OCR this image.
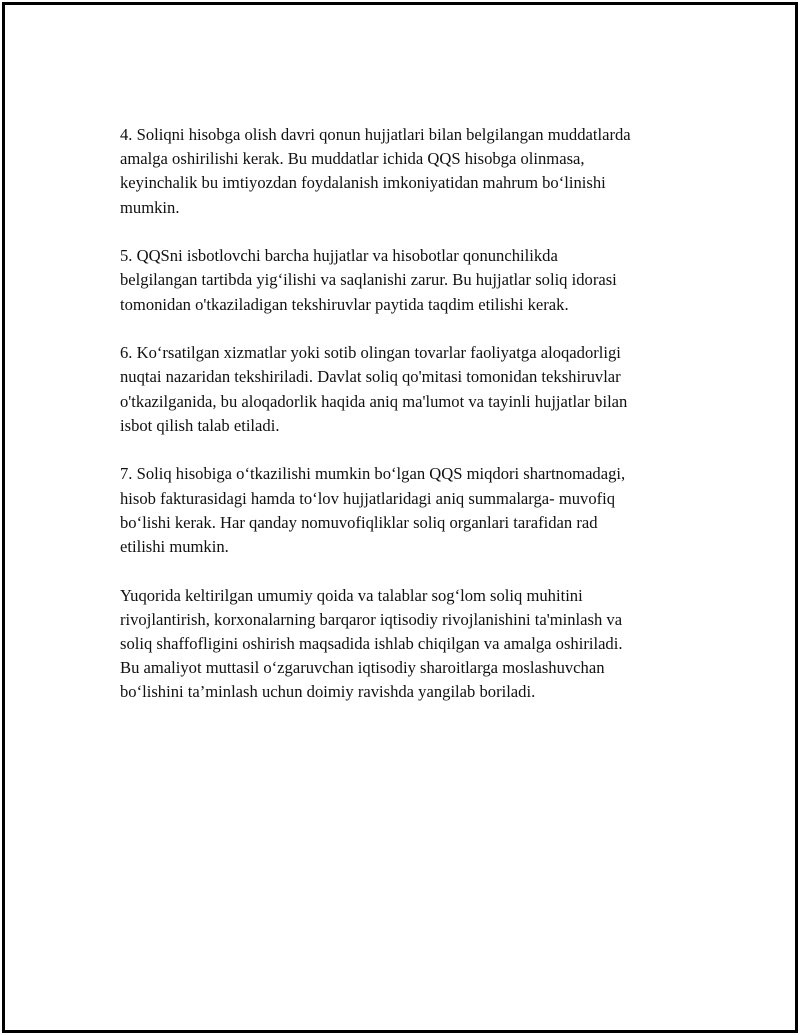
4. Soliqni hisobga olish davri qonun hujjatlari bilan belgilangan muddatlarda
amalga oshirilishi kerak. Bu muddatlar ichida QQS hisobga olinmasa,
keyinchalik bu imtiyozdan foydalanish imkoniyatidan mahrum bo‘linishi
mumkin.

5. QQSni isbotlovchi barcha hujjatlar va hisobotlar qonunchilikda
belgilangan tartibda yig‘ilishi va saqlanishi zarur. Bu hujjatlar soliq idorasi
tomonidan o'tkaziladigan tekshiruvlar paytida taqdim etilishi kerak.

6. Ko‘rsatilgan xizmatlar yoki sotib olingan tovarlar faoliyatga aloqadorligi
nuqtai nazaridan tekshiriladi. Davlat soliq qo'mitasi tomonidan tekshiruvlar
o'tkazilganida, bu aloqadorlik haqida aniq ma'lumot va tayinli hujjatlar bilan
isbot qilish talab etiladi.

7. Soliq hisobiga o‘tkazilishi mumkin bo‘lgan QQS miqdori shartnomadagi,
hisob fakturasidagi hamda to‘lov hujjatlaridagi aniq summalarga- muvofiq
bo‘lishi kerak. Har qanday nomuvofiqliklar soliq organlari tarafidan rad
etilishi mumkin.

Yuqorida keltirilgan umumiy qoida va talablar sog‘lom soliq muhitini
rivojlantirish, korxonalarning barqaror iqtisodiy rivojlanishini ta'minlash va
soliq shaffofligini oshirish maqsadida ishlab chiqilgan va amalga oshiriladi.
Bu amaliyot muttasil o‘zgaruvchan iqtisodiy sharoitlarga moslashuvchan
bo‘lishini ta’minlash uchun doimiy ravishda yangilab boriladi.
